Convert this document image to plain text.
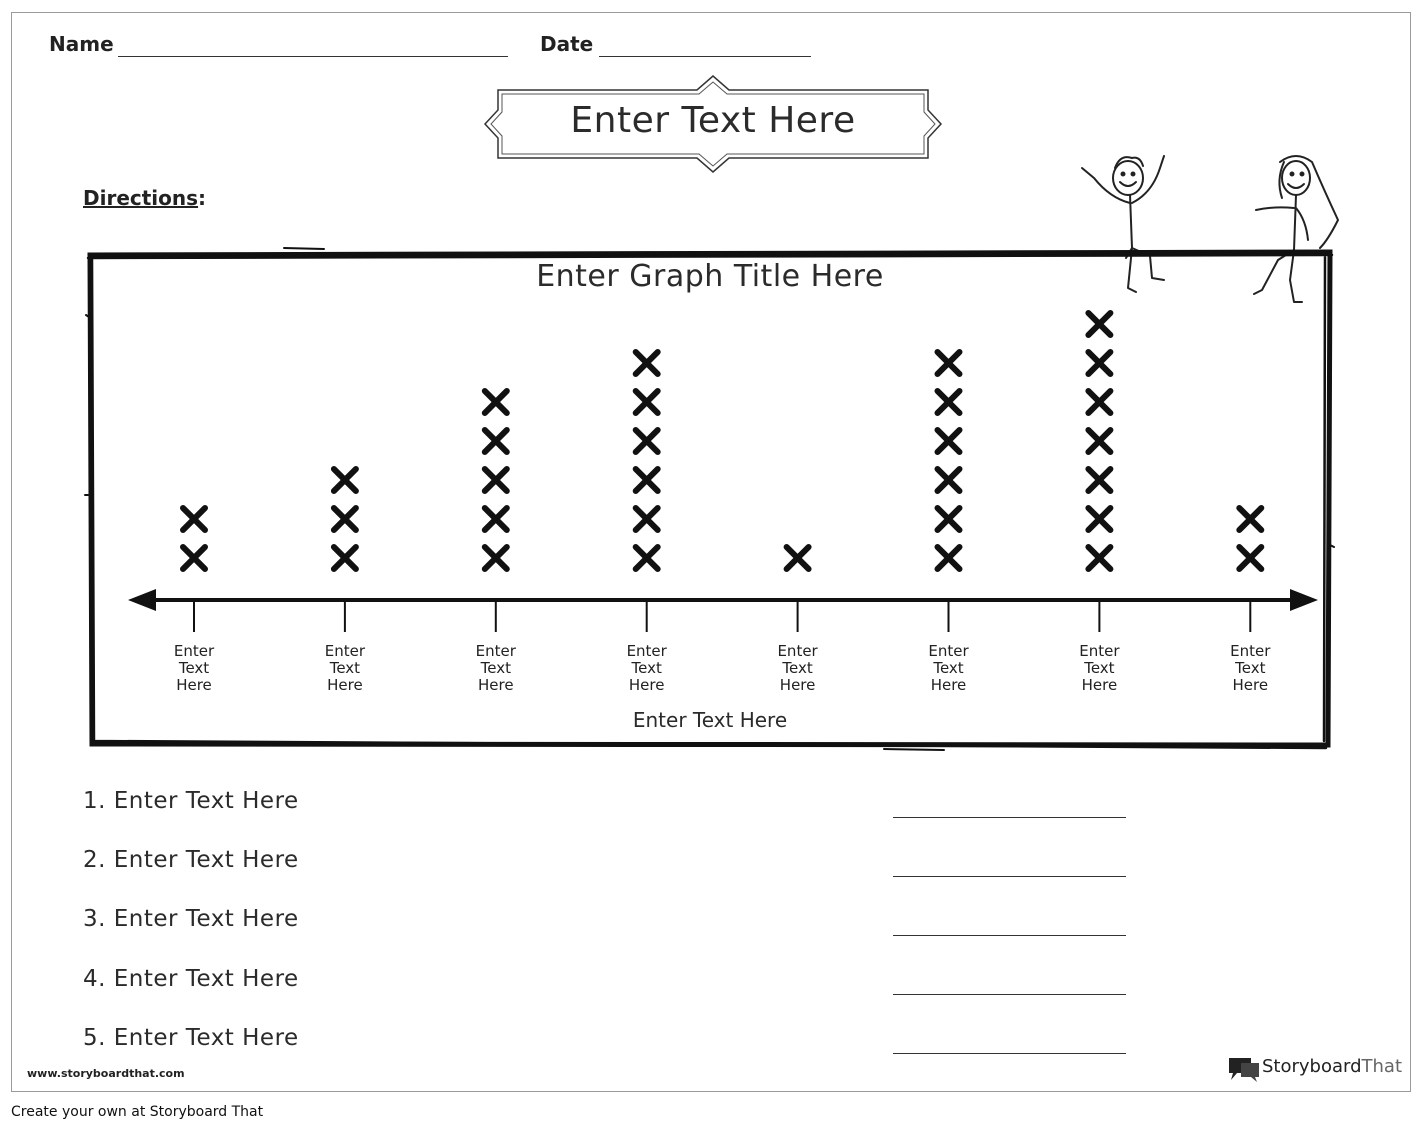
Name	Date
Enter Text Here
Directions:
Enter Graph Title Here
Enter
Text
Here
Enter
Text
Here
Enter
Text
Here
Enter
Text
Here
Enter
Text
Here
Enter
Text
Here
Enter
Text
Here
Enter
Text
Here
Enter Text Here
1. Enter Text Here
2. Enter Text Here
3. Enter Text Here
4. Enter Text Here
5. Enter Text Here
www.storyboardthat.com	StoryboardThat
Create your own at Storyboard That
